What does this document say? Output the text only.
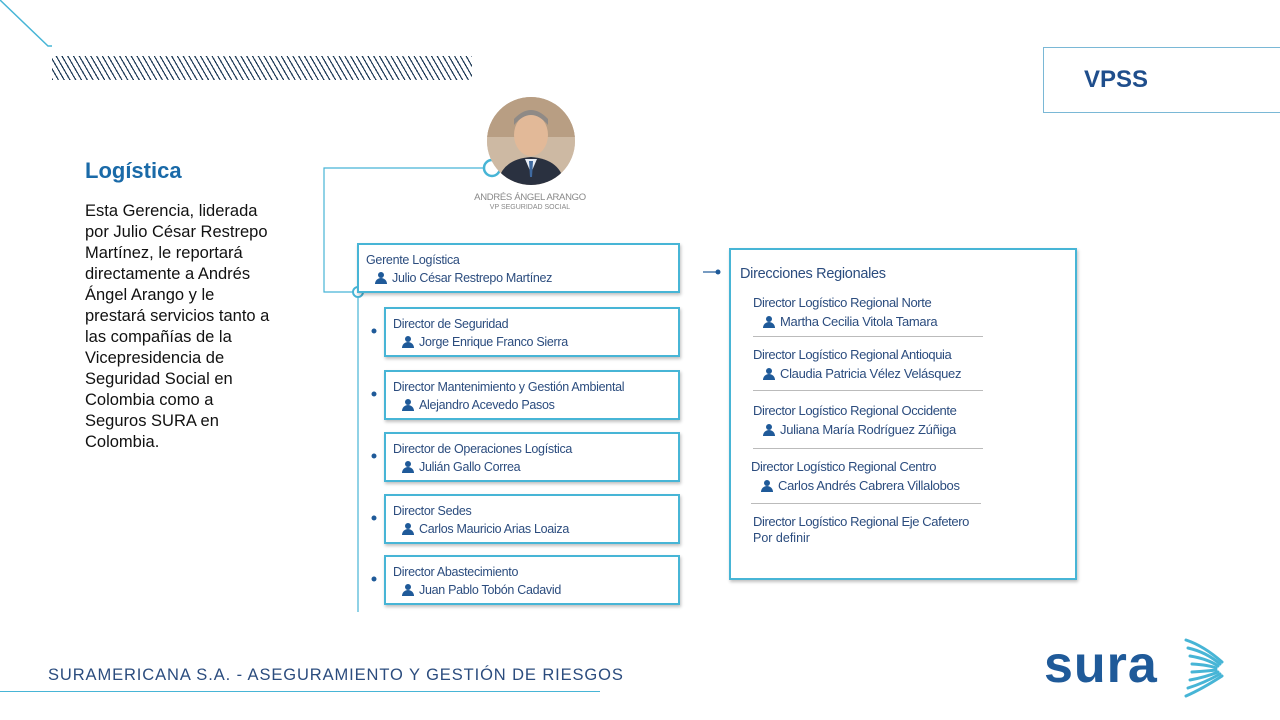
VPSS
Logística
Esta Gerencia, liderada por Julio César Restrepo Martínez, le reportará directamente a Andrés Ángel Arango y le prestará servicios tanto a las compañías de la Vicepresidencia de Seguridad Social en Colombia como a Seguros SURA en Colombia.
ANDRÉS ÁNGEL ARANGO
VP SEGURIDAD SOCIAL
Gerente Logística
Julio César Restrepo Martínez
Director de Seguridad
Jorge Enrique Franco Sierra
Director Mantenimiento y Gestión Ambiental
Alejandro Acevedo Pasos
Director de Operaciones Logística
Julián Gallo Correa
Director Sedes
Carlos Mauricio Arias Loaiza
Director Abastecimiento
Juan Pablo Tobón Cadavid
Direcciones Regionales
Director Logístico Regional Norte
Martha Cecilia Vitola Tamara
Director Logístico Regional Antioquia
Claudia Patricia Vélez Velásquez
Director Logístico Regional Occidente
Juliana María Rodríguez Zúñiga
Director Logístico Regional Centro
Carlos Andrés Cabrera Villalobos
Director Logístico Regional Eje Cafetero
Por definir
SURAMERICANA S.A. - ASEGURAMIENTO Y GESTIÓN DE RIESGOS	sura
